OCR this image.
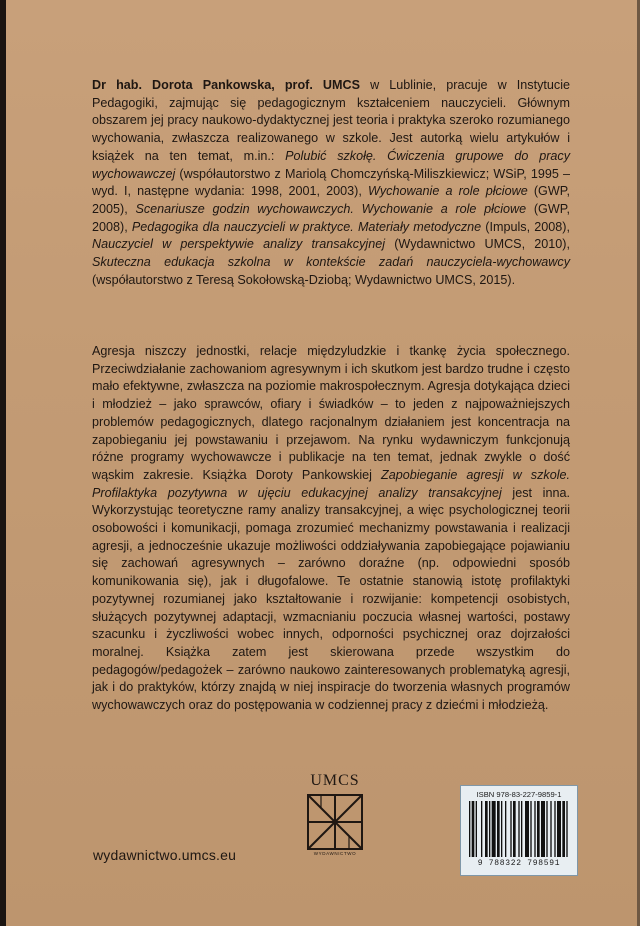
Dr hab. Dorota Pankowska, prof. UMCS w Lublinie, pracuje w Instytucie Pedagogiki, zajmując się pedagogicznym kształceniem nauczycieli. Głównym obszarem jej pracy naukowo-dydaktycznej jest teoria i praktyka szeroko rozumianego wychowania, zwłaszcza realizowanego w szkole. Jest autorką wielu artykułów i książek na ten temat, m.in.: Polubić szkołę. Ćwiczenia grupowe do pracy wychowawczej (współautorstwo z Mariolą Chomczyńską-Miliszkiewicz; WSiP, 1995 – wyd. I, następne wydania: 1998, 2001, 2003), Wychowanie a role płciowe (GWP, 2005), Scenariusze godzin wychowawczych. Wychowanie a role płciowe (GWP, 2008), Pedagogika dla nauczycieli w praktyce. Materiały metodyczne (Impuls, 2008), Nauczyciel w perspektywie analizy transakcyjnej (Wydawnictwo UMCS, 2010), Skuteczna edukacja szkolna w kontekście zadań nauczyciela-wychowawcy (współautorstwo z Teresą Sokołowską-Dziobą; Wydawnictwo UMCS, 2015).
Agresja niszczy jednostki, relacje międzyludzkie i tkankę życia społecznego. Przeciwdziałanie zachowaniom agresywnym i ich skutkom jest bardzo trudne i często mało efektywne, zwłaszcza na poziomie makrospołecznym. Agresja dotykająca dzieci i młodzież – jako sprawców, ofiary i świadków – to jeden z najpoważniejszych problemów pedagogicznych, dlatego racjonalnym działaniem jest koncentracja na zapobieganiu jej powstawaniu i przejawom. Na rynku wydawniczym funkcjonują różne programy wychowawcze i publikacje na ten temat, jednak zwykle o dość wąskim zakresie. Książka Doroty Pankowskiej Zapobieganie agresji w szkole. Profilaktyka pozytywna w ujęciu edukacyjnej analizy transakcyjnej jest inna. Wykorzystując teoretyczne ramy analizy transakcyjnej, a więc psychologicznej teorii osobowości i komunikacji, pomaga zrozumieć mechanizmy powstawania i realizacji agresji, a jednocześnie ukazuje możliwości oddziaływania zapobiegające pojawianiu się zachowań agresywnych – zarówno doraźne (np. odpowiedni sposób komunikowania się), jak i długofalowe. Te ostatnie stanowią istotę profilaktyki pozytywnej rozumianej jako kształtowanie i rozwijanie: kompetencji osobistych, służących pozytywnej adaptacji, wzmacnianiu poczucia własnej wartości, postawy szacunku i życzliwości wobec innych, odporności psychicznej oraz dojrzałości moralnej. Książka zatem jest skierowana przede wszystkim do pedagogów/pedagożek – zarówno naukowo zainteresowanych problematyką agresji, jak i do praktyków, którzy znajdą w niej inspiracje do tworzenia własnych programów wychowawczych oraz do postępowania w codziennej pracy z dziećmi i młodzieżą.
UMCS
WYDAWNICTWO
wydawnictwo.umcs.eu
ISBN 978-83-227-9859-1
9 788322 798591
